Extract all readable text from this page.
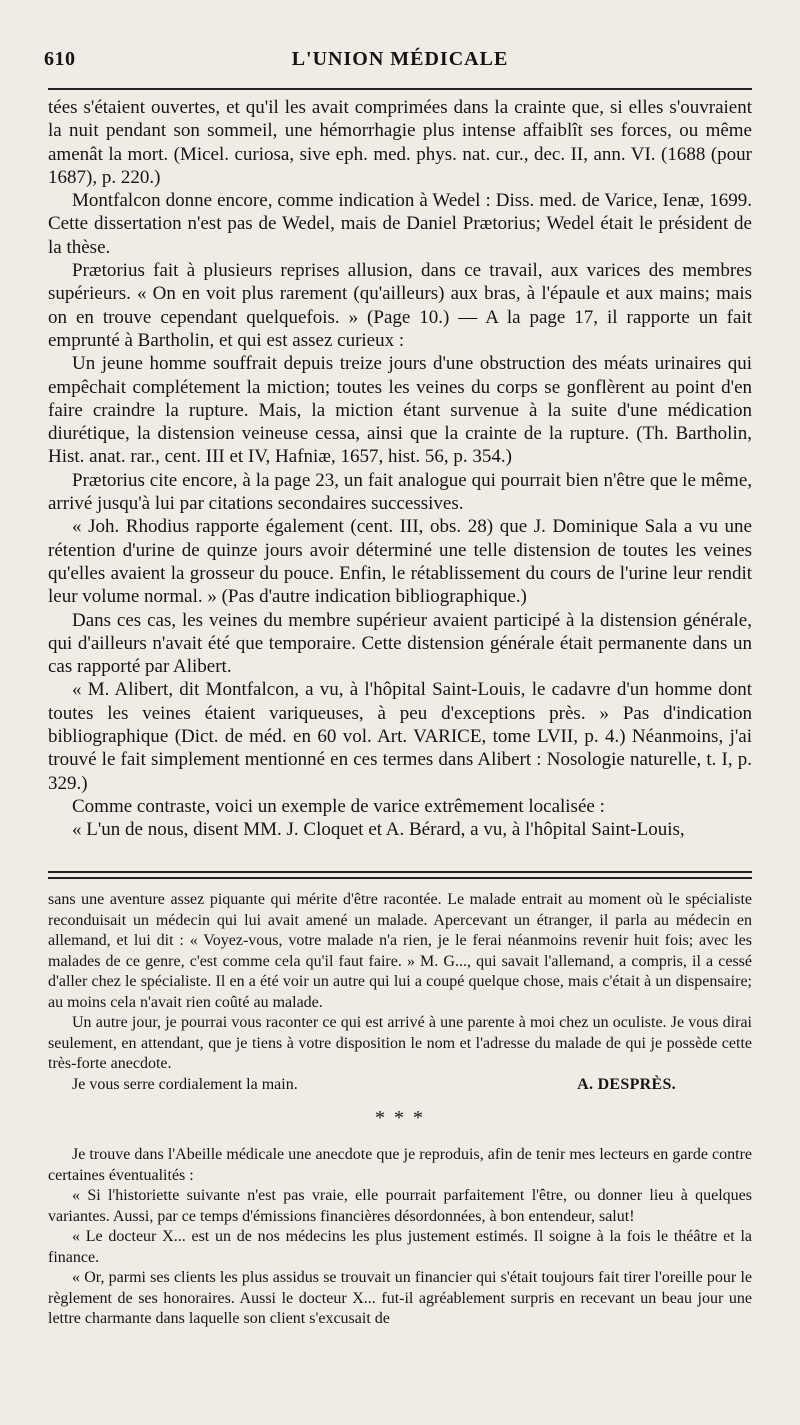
610	L'UNION MÉDICALE

tées s'étaient ouvertes, et qu'il les avait comprimées dans la crainte que, si elles s'ouvraient la nuit pendant son sommeil, une hémorrhagie plus intense affaiblît ses forces, ou même amenât la mort. (Micel. curiosa, sive eph. med. phys. nat. cur., dec. II, ann. VI. (1688 (pour 1687), p. 220.)

Montfalcon donne encore, comme indication à Wedel : Diss. med. de Varice, Ienæ, 1699. Cette dissertation n'est pas de Wedel, mais de Daniel Prætorius; Wedel était le président de la thèse.

Prætorius fait à plusieurs reprises allusion, dans ce travail, aux varices des membres supérieurs. « On en voit plus rarement (qu'ailleurs) aux bras, à l'épaule et aux mains; mais on en trouve cependant quelquefois. » (Page 10.) — A la page 17, il rapporte un fait emprunté à Bartholin, et qui est assez curieux :

Un jeune homme souffrait depuis treize jours d'une obstruction des méats urinaires qui empêchait complétement la miction; toutes les veines du corps se gonflèrent au point d'en faire craindre la rupture. Mais, la miction étant survenue à la suite d'une médication diurétique, la distension veineuse cessa, ainsi que la crainte de la rupture. (Th. Bartholin, Hist. anat. rar., cent. III et IV, Hafniæ, 1657, hist. 56, p. 354.)

Prætorius cite encore, à la page 23, un fait analogue qui pourrait bien n'être que le même, arrivé jusqu'à lui par citations secondaires successives.

« Joh. Rhodius rapporte également (cent. III, obs. 28) que J. Dominique Sala a vu une rétention d'urine de quinze jours avoir déterminé une telle distension de toutes les veines qu'elles avaient la grosseur du pouce. Enfin, le rétablissement du cours de l'urine leur rendit leur volume normal. » (Pas d'autre indication bibliographique.)

Dans ces cas, les veines du membre supérieur avaient participé à la distension générale, qui d'ailleurs n'avait été que temporaire. Cette distension générale était permanente dans un cas rapporté par Alibert.

« M. Alibert, dit Montfalcon, a vu, à l'hôpital Saint-Louis, le cadavre d'un homme dont toutes les veines étaient variqueuses, à peu d'exceptions près. » Pas d'indication bibliographique (Dict. de méd. en 60 vol. Art. VARICE, tome LVII, p. 4.) Néanmoins, j'ai trouvé le fait simplement mentionné en ces termes dans Alibert : Nosologie naturelle, t. I, p. 329.)

Comme contraste, voici un exemple de varice extrêmement localisée :

« L'un de nous, disent MM. J. Cloquet et A. Bérard, a vu, à l'hôpital Saint-Louis,

sans une aventure assez piquante qui mérite d'être racontée. Le malade entrait au moment où le spécialiste reconduisait un médecin qui lui avait amené un malade. Apercevant un étranger, il parla au médecin en allemand, et lui dit : « Voyez-vous, votre malade n'a rien, je le ferai néanmoins revenir huit fois; avec les malades de ce genre, c'est comme cela qu'il faut faire. » M. G..., qui savait l'allemand, a compris, il a cessé d'aller chez le spécialiste. Il en a été voir un autre qui lui a coupé quelque chose, mais c'était à un dispensaire; au moins cela n'avait rien coûté au malade.

Un autre jour, je pourrai vous raconter ce qui est arrivé à une parente à moi chez un oculiste. Je vous dirai seulement, en attendant, que je tiens à votre disposition le nom et l'adresse du malade de qui je possède cette très-forte anecdote.

Je vous serre cordialement la main.	A. DESPRÈS.
* * *

Je trouve dans l'Abeille médicale une anecdote que je reproduis, afin de tenir mes lecteurs en garde contre certaines éventualités :

« Si l'historiette suivante n'est pas vraie, elle pourrait parfaitement l'être, ou donner lieu à quelques variantes. Aussi, par ce temps d'émissions financières désordonnées, à bon entendeur, salut!

« Le docteur X... est un de nos médecins les plus justement estimés. Il soigne à la fois le théâtre et la finance.

« Or, parmi ses clients les plus assidus se trouvait un financier qui s'était toujours fait tirer l'oreille pour le règlement de ses honoraires. Aussi le docteur X... fut-il agréablement surpris en recevant un beau jour une lettre charmante dans laquelle son client s'excusait de
